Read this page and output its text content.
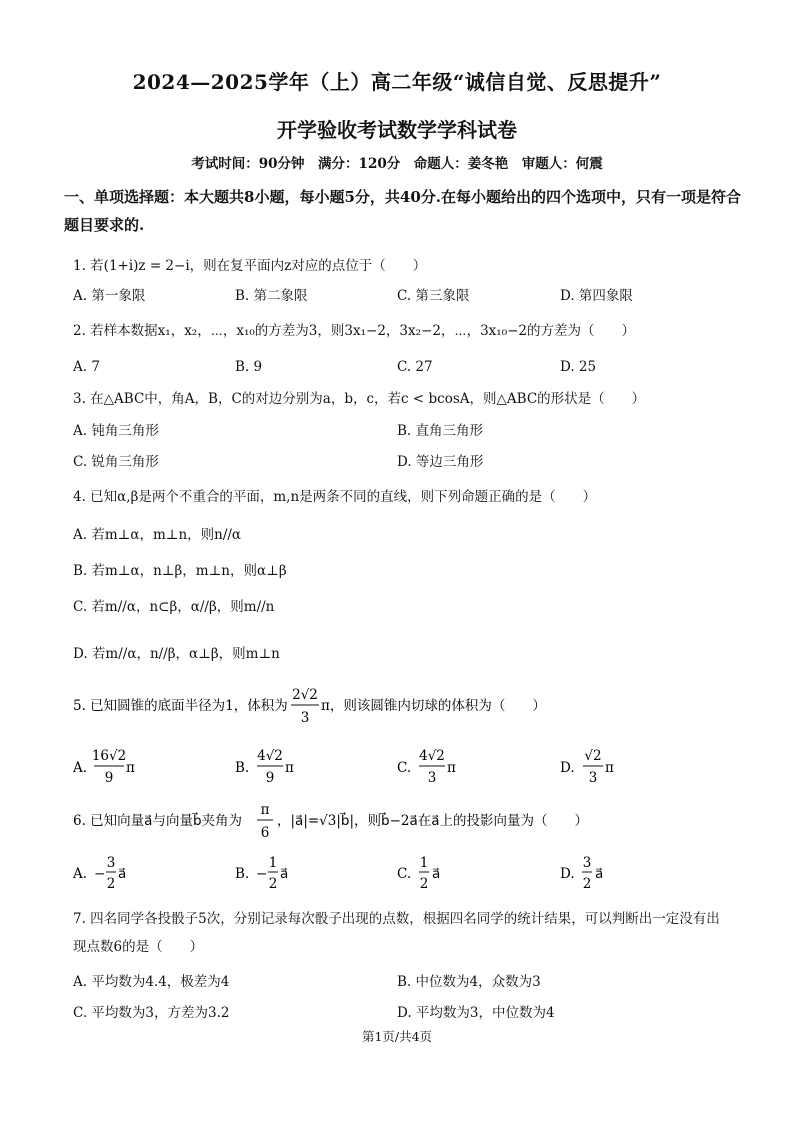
2024—2025学年（上）高二年级“诚信自觉、反思提升”
开学验收考试数学学科试卷
考试时间：90分钟　满分：120分　命题人：姜冬艳　审题人：何震
一、单项选择题：本大题共8小题，每小题5分，共40分.在每小题给出的四个选项中，只有一项是符合题目要求的.
1. 若(1+i)z = 2−i，则在复平面内z对应的点位于（　　）
A. 第一象限	B. 第二象限	C. 第三象限	D. 第四象限
2. 若样本数据x₁，x₂，⋯，x₁₀的方差为3，则3x₁−2，3x₂−2，⋯，3x₁₀−2的方差为（　　）
A. 7	B. 9	C. 27	D. 25
3. 在△ABC中，角A，B，C的对边分别为a，b，c，若c < bcosA，则△ABC的形状是（　　）
A. 钝角三角形	B. 直角三角形
C. 锐角三角形	D. 等边三角形
4. 已知α,β是两个不重合的平面，m,n是两条不同的直线，则下列命题正确的是（　　）
A. 若m⊥α，m⊥n，则n//α
B. 若m⊥α，n⊥β，m⊥n，则α⊥β
C. 若m//α，n⊂β，α//β，则m//n
D. 若m//α，n//β，α⊥β，则m⊥n
5. 已知圆锥的底面半径为1，体积为
2√2
3
π，则该圆锥内切球的体积为（　　）
A.
16√2
9
π	B.
4√2
9
π	C.
4√2
3
π	D.
√2
3
π
6. 已知向量a⃗与向量b⃗夹角为
π
6
，|a⃗|=√3|b⃗|，则b⃗−2a⃗在a⃗上的投影向量为（　　）
A. −
3
2
a⃗	B. −
1
2
a⃗	C.
1
2
a⃗	D.
3
2
a⃗
7. 四名同学各投骰子5次，分别记录每次骰子出现的点数，根据四名同学的统计结果，可以判断出一定没有出现点数6的是（　　）
A. 平均数为4.4，极差为4	B. 中位数为4，众数为3
C. 平均数为3，方差为3.2	D. 平均数为3，中位数为4
第1页/共4页
